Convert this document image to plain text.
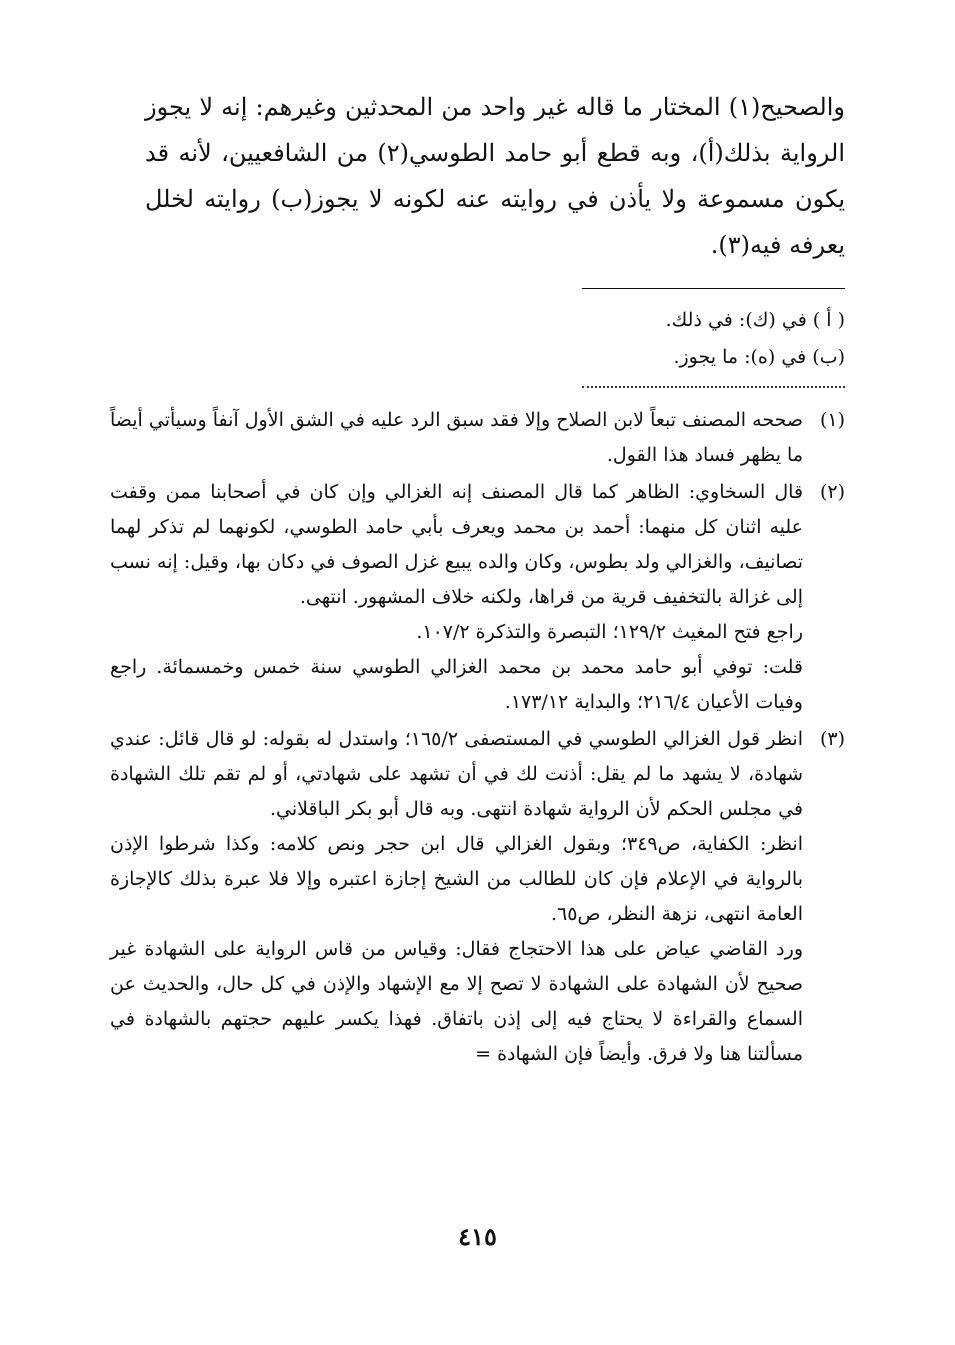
والصحيح(١) المختار ما قاله غير واحد من المحدثين وغيرهم: إنه لا يجوز الرواية بذلك(أ)، وبه قطع أبو حامد الطوسي(٢) من الشافعيين، لأنه قد يكون مسموعة ولا يأذن في روايته عنه لكونه لا يجوز(ب) روايته لخلل يعرفه فيه(٣).

( أ ) في (ك): في ذلك.

(ب) في (ه): ما يجوز.

(١)

صححه المصنف تبعاً لابن الصلاح وإلا فقد سبق الرد عليه في الشق الأول آنفاً وسيأتي أيضاً ما يظهر فساد هذا القول.

(٢)

قال السخاوي: الظاهر كما قال المصنف إنه الغزالي وإن كان في أصحابنا ممن وقفت عليه اثنان كل منهما: أحمد بن محمد ويعرف بأبي حامد الطوسي، لكونهما لم تذكر لهما تصانيف، والغزالي ولد بطوس، وكان والده يبيع غزل الصوف في دكان بها، وقيل: إنه نسب إلى غزالة بالتخفيف قرية من قراها، ولكنه خلاف المشهور. انتهى.

راجع فتح المغيث ١٢٩/٢؛ التبصرة والتذكرة ١٠٧/٢.

قلت: توفي أبو حامد محمد بن محمد الغزالي الطوسي سنة خمس وخمسمائة. راجع وفيات الأعيان ٢١٦/٤؛ والبداية ١٧٣/١٢.

(٣)

انظر قول الغزالي الطوسي في المستصفى ١٦٥/٢؛ واستدل له بقوله: لو قال قائل: عندي شهادة، لا يشهد ما لم يقل: أذنت لك في أن تشهد على شهادتي، أو لم تقم تلك الشهادة في مجلس الحكم لأن الرواية شهادة انتهى. وبه قال أبو بكر الباقلاني.

انظر: الكفاية، ص٣٤٩؛ وبقول الغزالي قال ابن حجر ونص كلامه: وكذا شرطوا الإذن بالرواية في الإعلام فإن كان للطالب من الشيخ إجازة اعتبره وإلا فلا عبرة بذلك كالإجازة العامة انتهى، نزهة النظر، ص٦٥.

ورد القاضي عياض على هذا الاحتجاج فقال: وقياس من قاس الرواية على الشهادة غير صحيح لأن الشهادة على الشهادة لا تصح إلا مع الإشهاد والإذن في كل حال، والحديث عن السماع والقراءة لا يحتاج فيه إلى إذن باتفاق. فهذا يكسر عليهم حجتهم بالشهادة في مسألتنا هنا ولا فرق. وأيضاً فإن الشهادة =

٤١٥
